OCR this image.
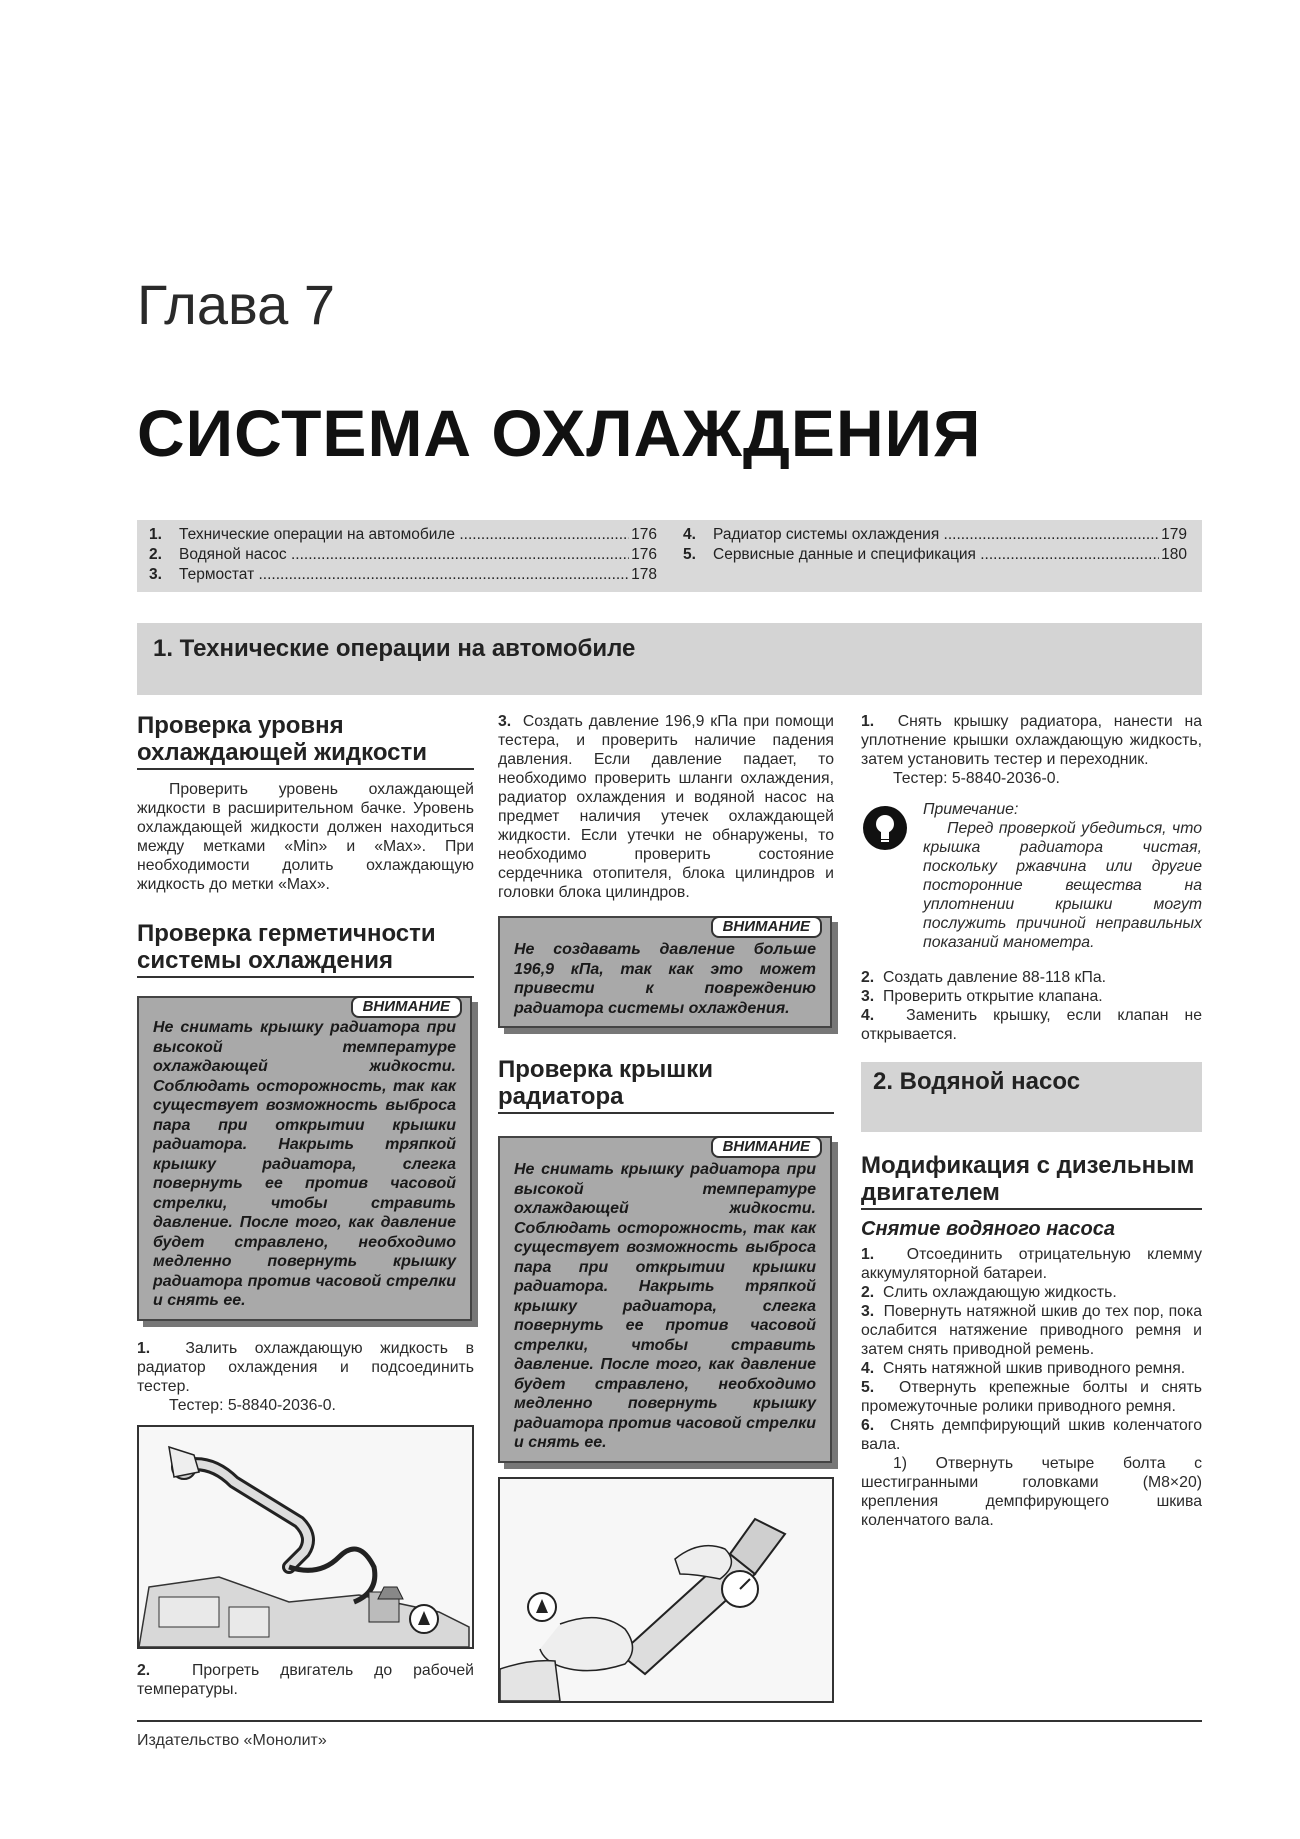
Глава 7
СИСТЕМА ОХЛАЖДЕНИЯ
1.	Технические операции на автомобиле .....	176
2.	Водяной насос .....	176
3.	Термостат .....	178
4.	Радиатор системы охлаждения .....	179
5.	Сервисные данные и спецификация .....	180
1. Технические операции на автомобиле
Проверка уровня охлаждающей жидкости

Проверить уровень охлаждающей жидкости в расширительном бачке. Уровень охлаждающей жидкости должен находиться между метками «Min» и «Max». При необходимости долить охлаждающую жидкость до метки «Max».

Проверка герметичности системы охлаждения
ВНИМАНИЕ
Не снимать крышку радиатора при высокой температуре охлаждающей жидкости. Соблюдать осторожность, так как существует возможность выброса пара при открытии крышки радиатора. Накрыть тряпкой крышку радиатора, слегка повернуть ее против часовой стрелки, чтобы стравить давление. После того, как давление будет стравлено, необходимо медленно повернуть крышку радиатора против часовой стрелки и снять ее.

1. Залить охлаждающую жидкость в радиатор охлаждения и подсоединить тестер.

Тестер: 5-8840-2036-0.

2.	Прогреть двигатель до рабочей температуры.

3. Создать давление 196,9 кПа при помощи тестера, и проверить наличие падения давления. Если давление падает, то необходимо проверить шланги охлаждения, радиатор охлаждения и водяной насос на предмет наличия утечек охлаждающей жидкости. Если утечки не обнаружены, то необходимо проверить состояние сердечника отопителя, блока цилиндров и головки блока цилиндров.

ВНИМАНИЕ
Не создавать давление больше 196,9 кПа, так как это может привести к повреждению радиатора системы охлаждения.
Проверка крышки радиатора
ВНИМАНИЕ
Не снимать крышку радиатора при высокой температуре охлаждающей жидкости. Соблюдать осторожность, так как существует возможность выброса пара при открытии крышки радиатора. Накрыть тряпкой крышку радиатора, слегка повернуть ее против часовой стрелки, чтобы стравить давление. После того, как давление будет стравлено, необходимо медленно повернуть крышку радиатора против часовой стрелки и снять ее.

1. Снять крышку радиатора, нанести на уплотнение крышки охлаждающую жидкость, затем установить тестер и переходник.

Тестер: 5-8840-2036-0.

Примечание:
Перед проверкой убедиться, что крышка радиатора чистая, поскольку ржавчина или другие посторонние вещества на уплотнении крышки могут послужить причиной неправильных показаний манометра.

2. Создать давление 88-118 кПа.

3. Проверить открытие клапана.

4. Заменить крышку, если клапан не открывается.

2. Водяной насос
Модификация с дизельным двигателем
Снятие водяного насоса

1. Отсоединить отрицательную клемму аккумуляторной батареи.

2. Слить охлаждающую жидкость.

3. Повернуть натяжной шкив до тех пор, пока ослабится натяжение приводного ремня и затем снять приводной ремень.

4. Снять натяжной шкив приводного ремня.

5. Отвернуть крепежные болты и снять промежуточные ролики приводного ремня.

6. Снять демпфирующий шкив коленчатого вала.

1) Отвернуть четыре болта с шестигранными головками (M8×20) крепления демпфирующего шкива коленчатого вала.

Издательство «Монолит»
